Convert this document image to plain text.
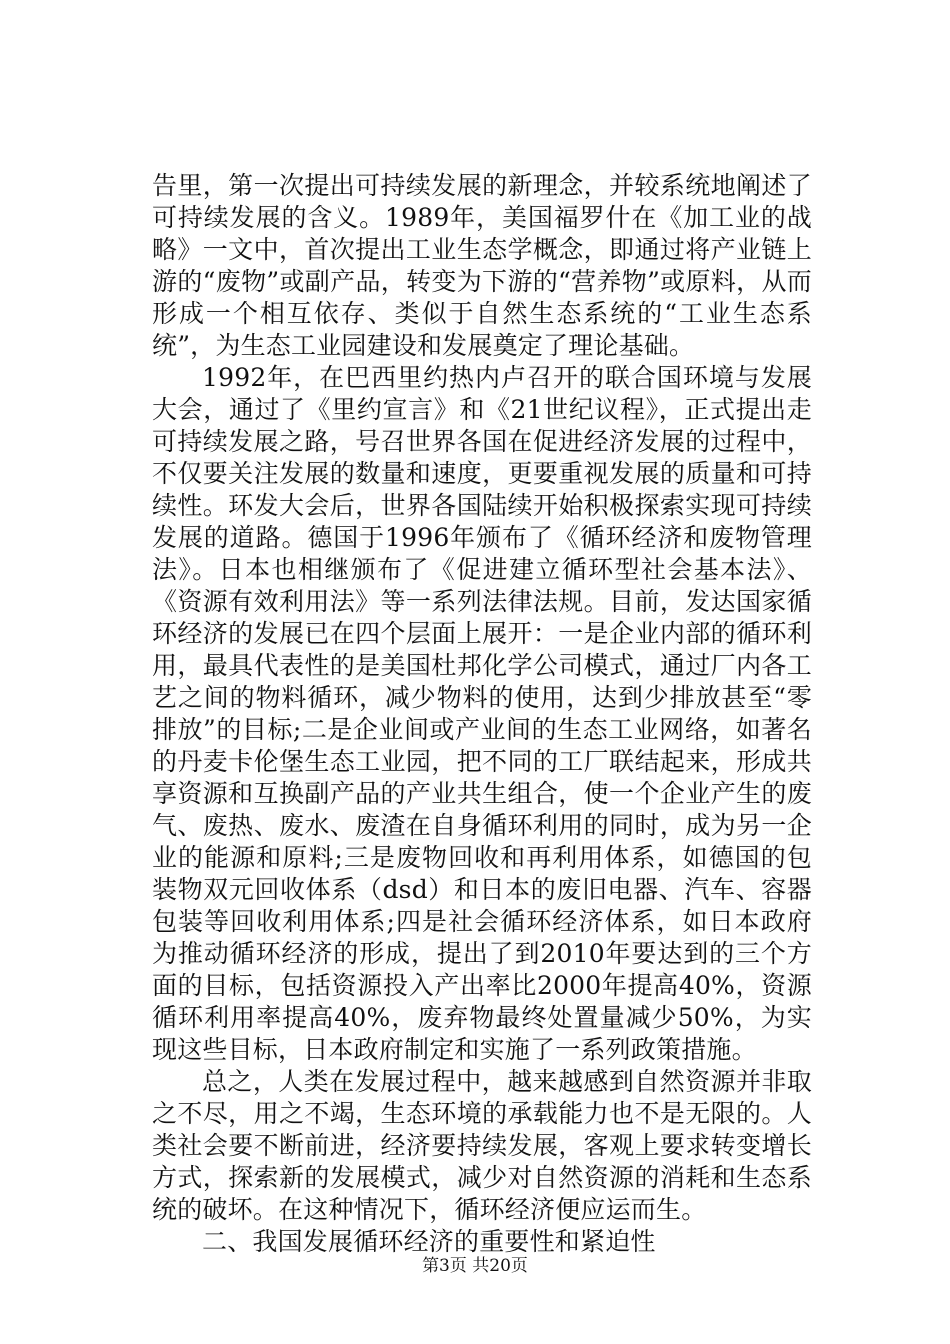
告里，第一次提出可持续发展的新理念，并较系统地阐述了可持续发展的含义。1989年，美国福罗什在《加工业的战略》一文中，首次提出工业生态学概念，即通过将产业链上游的“废物”或副产品，转变为下游的“营养物”或原料，从而形成一个相互依存、类似于自然生态系统的“工业生态系统”，为生态工业园建设和发展奠定了理论基础。

1992年，在巴西里约热内卢召开的联合国环境与发展大会，通过了《里约宣言》和《21世纪议程》，正式提出走可持续发展之路，号召世界各国在促进经济发展的过程中，不仅要关注发展的数量和速度，更要重视发展的质量和可持续性。环发大会后，世界各国陆续开始积极探索实现可持续发展的道路。德国于1996年颁布了《循环经济和废物管理法》。日本也相继颁布了《促进建立循环型社会基本法》、《资源有效利用法》等一系列法律法规。目前，发达国家循环经济的发展已在四个层面上展开：一是企业内部的循环利用，最具代表性的是美国杜邦化学公司模式，通过厂内各工艺之间的物料循环，减少物料的使用，达到少排放甚至“零排放”的目标;二是企业间或产业间的生态工业网络，如著名的丹麦卡伦堡生态工业园，把不同的工厂联结起来，形成共享资源和互换副产品的产业共生组合，使一个企业产生的废气、废热、废水、废渣在自身循环利用的同时，成为另一企业的能源和原料;三是废物回收和再利用体系，如德国的包装物双元回收体系（dsd）和日本的废旧电器、汽车、容器包装等回收利用体系;四是社会循环经济体系，如日本政府为推动循环经济的形成，提出了到2010年要达到的三个方面的目标，包括资源投入产出率比2000年提高40%，资源循环利用率提高40%，废弃物最终处置量减少50%，为实现这些目标，日本政府制定和实施了一系列政策措施。

总之，人类在发展过程中，越来越感到自然资源并非取之不尽，用之不竭，生态环境的承载能力也不是无限的。人类社会要不断前进，经济要持续发展，客观上要求转变增长方式，探索新的发展模式，减少对自然资源的消耗和生态系统的破坏。在这种情况下，循环经济便应运而生。

二、我国发展循环经济的重要性和紧迫性

第3页 共20页
